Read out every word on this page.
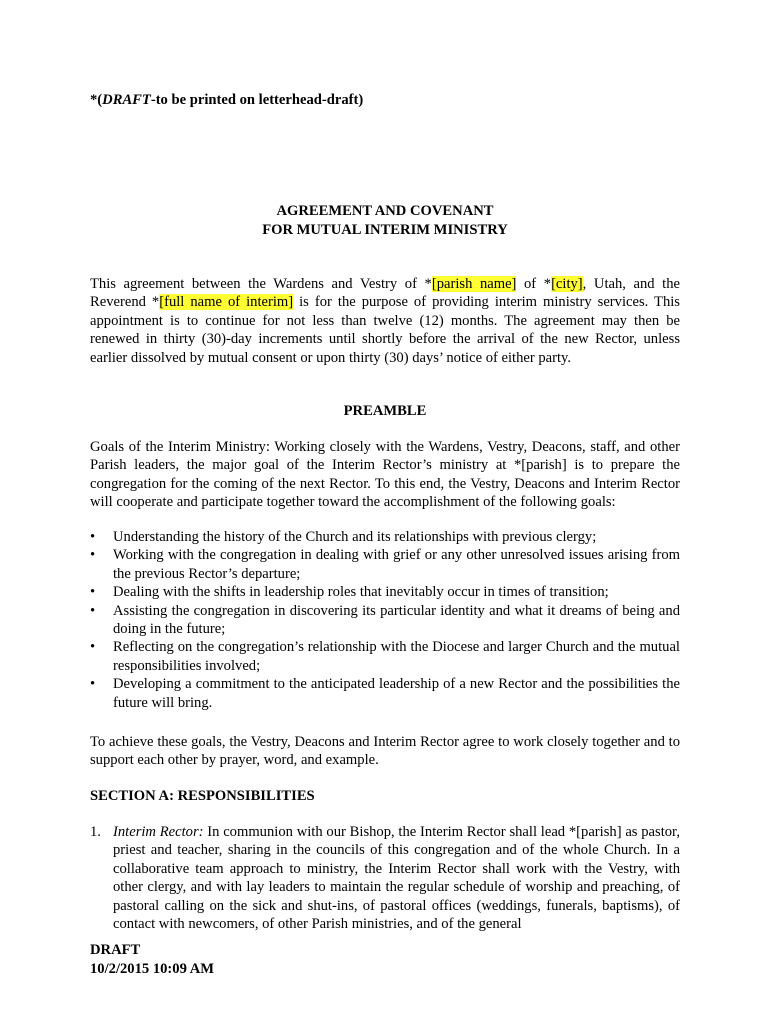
*(DRAFT-to be printed on letterhead-draft)
AGREEMENT AND COVENANT
FOR MUTUAL INTERIM MINISTRY
This agreement between the Wardens and Vestry of *[parish name] of *[city], Utah, and the Reverend *[full name of interim] is for the purpose of providing interim ministry services. This appointment is to continue for not less than twelve (12) months. The agreement may then be renewed in thirty (30)-day increments until shortly before the arrival of the new Rector, unless earlier dissolved by mutual consent or upon thirty (30) days’ notice of either party.
PREAMBLE
Goals of the Interim Ministry: Working closely with the Wardens, Vestry, Deacons, staff, and other Parish leaders, the major goal of the Interim Rector’s ministry at *[parish] is to prepare the congregation for the coming of the next Rector. To this end, the Vestry, Deacons and Interim Rector will cooperate and participate together toward the accomplishment of the following goals:
• Understanding the history of the Church and its relationships with previous clergy;
• Working with the congregation in dealing with grief or any other unresolved issues arising from the previous Rector’s departure;
• Dealing with the shifts in leadership roles that inevitably occur in times of transition;
• Assisting the congregation in discovering its particular identity and what it dreams of being and doing in the future;
• Reflecting on the congregation’s relationship with the Diocese and larger Church and the mutual responsibilities involved;
• Developing a commitment to the anticipated leadership of a new Rector and the possibilities the future will bring.
To achieve these goals, the Vestry, Deacons and Interim Rector agree to work closely together and to support each other by prayer, word, and example.
SECTION A: RESPONSIBILITIES
1. Interim Rector: In communion with our Bishop, the Interim Rector shall lead *[parish] as pastor, priest and teacher, sharing in the councils of this congregation and of the whole Church. In a collaborative team approach to ministry, the Interim Rector shall work with the Vestry, with other clergy, and with lay leaders to maintain the regular schedule of worship and preaching, of pastoral calling on the sick and shut-ins, of pastoral offices (weddings, funerals, baptisms), of contact with newcomers, of other Parish ministries, and of the general
DRAFT
10/2/2015 10:09 AM
